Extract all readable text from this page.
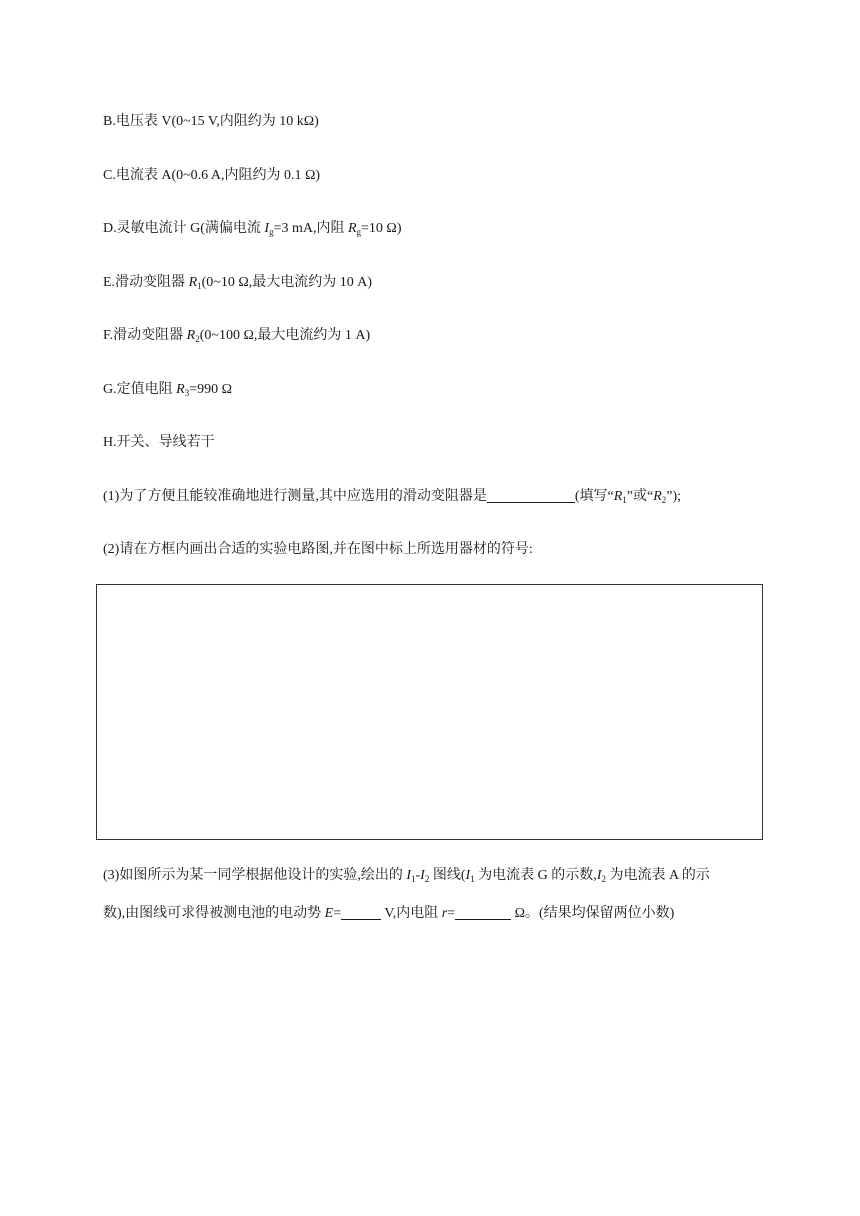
B.电压表 V(0~15 V,内阻约为 10 kΩ)
C.电流表 A(0~0.6 A,内阻约为 0.1 Ω)
D.灵敏电流计 G(满偏电流 $I_g=3$ mA,内阻 $R_g=10$ Ω)
E.滑动变阻器 $R_1(0\sim 10$ Ω,最大电流约为 10 A)
F.滑动变阻器 $R_2(0\sim 100$ Ω,最大电流约为 1 A)
G.定值电阻 $R_3=990$ Ω
H.开关、导线若干
(1)为了方便且能较准确地进行测量,其中应选用的滑动变阻器是	(填写“$R_1$”或“$R_2$”);
(2)请在方框内画出合适的实验电路图,并在图中标上所选用器材的符号:
(3)如图所示为某一同学根据他设计的实验,绘出的 $I_1-I_2$ 图线($I_1$ 为电流表 G 的示数$,I_2$ 为电流表 A 的示
数),由图线可求得被测电池的电动势 E=	V,内电阻 r=	Ω。(结果均保留两位小数)
